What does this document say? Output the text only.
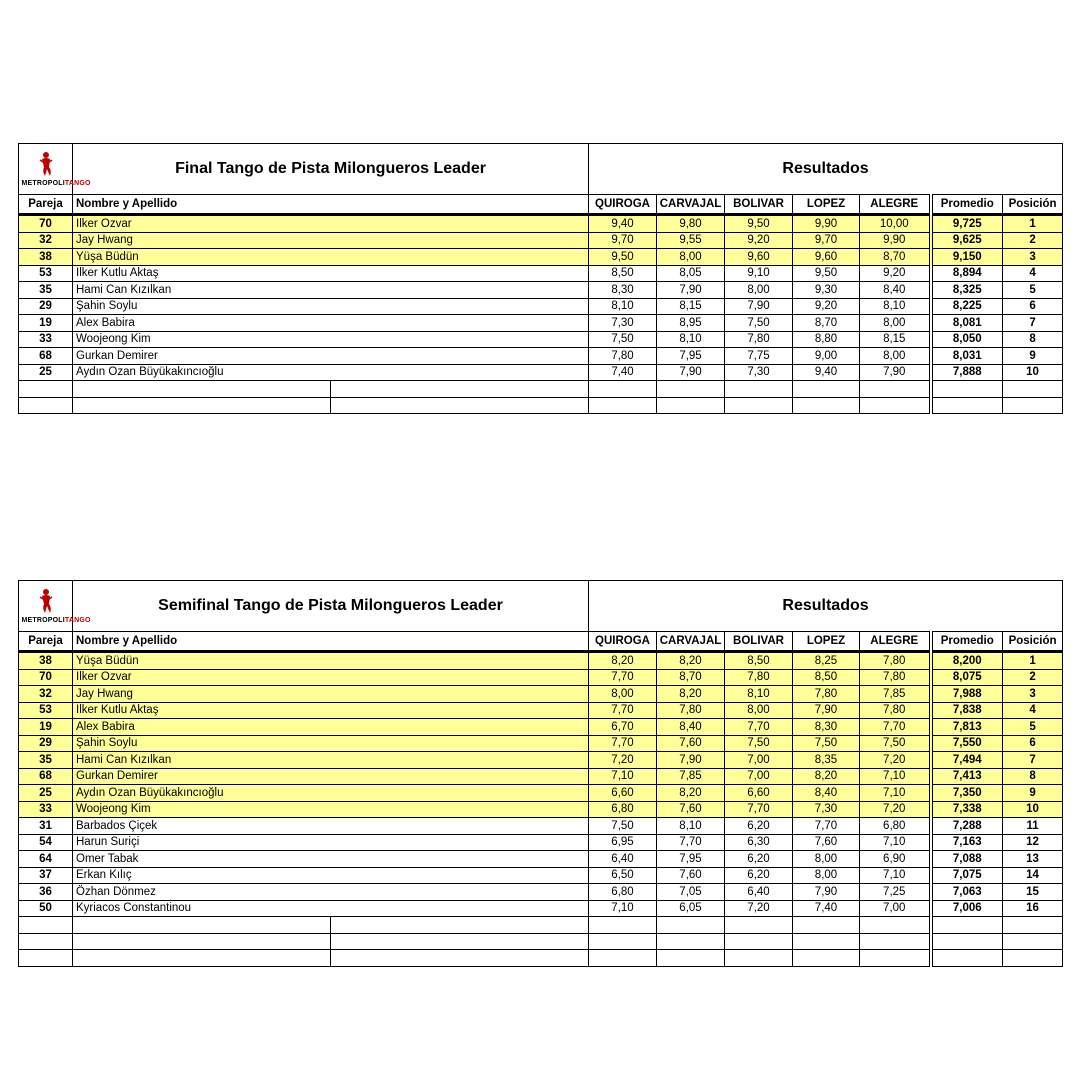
METROPOLITANGO	Final Tango de Pista Milongueros Leader		Resultados						
Pareja	Nombre y Apellido		QUIROGA	CARVAJAL	BOLIVAR	LOPEZ	ALEGRE	Promedio	Posición
70	Ilker Ozvar		9,40	9,80	9,50	9,90	10,00	9,725	1
32	Jay Hwang		9,70	9,55	9,20	9,70	9,90	9,625	2
38	Yüşa Büdün		9,50	8,00	9,60	9,60	8,70	9,150	3
53	Ilker Kutlu Aktaş		8,50	8,05	9,10	9,50	9,20	8,894	4
35	Hami Can Kızılkan		8,30	7,90	8,00	9,30	8,40	8,325	5
29	Şahin Soylu		8,10	8,15	7,90	9,20	8,10	8,225	6
19	Alex Babira		7,30	8,95	7,50	8,70	8,00	8,081	7
33	Woojeong Kim		7,50	8,10	7,80	8,80	8,15	8,050	8
68	Gurkan Demirer		7,80	7,95	7,75	9,00	8,00	8,031	9
25	Aydın Ozan Büyükakıncıoğlu		7,40	7,90	7,30	9,40	7,90	7,888	10

METROPOLITANGO	Semifinal Tango de Pista Milongueros Leader		Resultados						
Pareja	Nombre y Apellido		QUIROGA	CARVAJAL	BOLIVAR	LOPEZ	ALEGRE	Promedio	Posición
38	Yüşa Büdün		8,20	8,20	8,50	8,25	7,80	8,200	1
70	Ilker Ozvar		7,70	8,70	7,80	8,50	7,80	8,075	2
32	Jay Hwang		8,00	8,20	8,10	7,80	7,85	7,988	3
53	Ilker Kutlu Aktaş		7,70	7,80	8,00	7,90	7,80	7,838	4
19	Alex Babira		6,70	8,40	7,70	8,30	7,70	7,813	5
29	Şahin Soylu		7,70	7,60	7,50	7,50	7,50	7,550	6
35	Hami Can Kızılkan		7,20	7,90	7,00	8,35	7,20	7,494	7
68	Gurkan Demirer		7,10	7,85	7,00	8,20	7,10	7,413	8
25	Aydın Ozan Büyükakıncıoğlu		6,60	8,20	6,60	8,40	7,10	7,350	9
33	Woojeong Kim		6,80	7,60	7,70	7,30	7,20	7,338	10
31	Barbados Çiçek		7,50	8,10	6,20	7,70	6,80	7,288	11
54	Harun Suriçi		6,95	7,70	6,30	7,60	7,10	7,163	12
64	Omer Tabak		6,40	7,95	6,20	8,00	6,90	7,088	13
37	Erkan Kılıç		6,50	7,60	6,20	8,00	7,10	7,075	14
36	Özhan Dönmez		6,80	7,05	6,40	7,90	7,25	7,063	15
50	Kyriacos Constantinou		7,10	6,05	7,20	7,40	7,00	7,006	16
